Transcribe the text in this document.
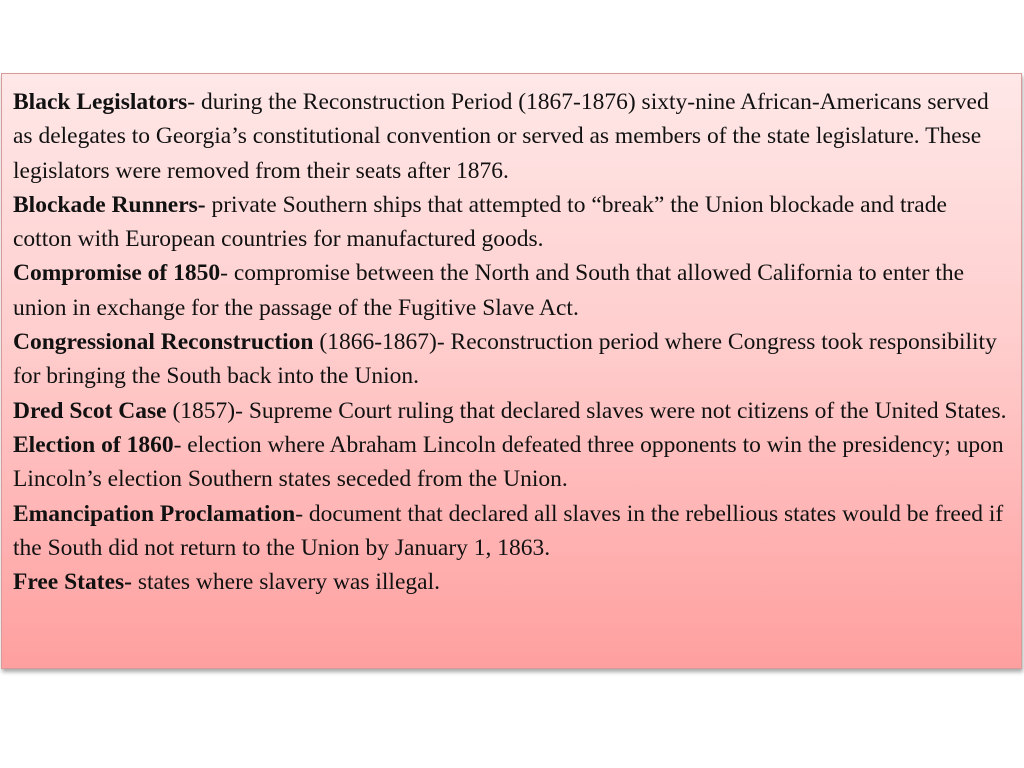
Black Legislators- during the Reconstruction Period (1867-1876) sixty-nine African-Americans served as delegates to Georgia’s constitutional convention or served as members of the state legislature. These legislators were removed from their seats after 1876.

Blockade Runners- private Southern ships that attempted to “break” the Union blockade and trade cotton with European countries for manufactured goods.

Compromise of 1850- compromise between the North and South that allowed California to enter the union in exchange for the passage of the Fugitive Slave Act.

Congressional Reconstruction (1866-1867)- Reconstruction period where Congress took responsibility for bringing the South back into the Union.

Dred Scot Case (1857)- Supreme Court ruling that declared slaves were not citizens of the United States.

Election of 1860- election where Abraham Lincoln defeated three opponents to win the presidency; upon Lincoln’s election Southern states seceded from the Union.

Emancipation Proclamation- document that declared all slaves in the rebellious states would be freed if the South did not return to the Union by January 1, 1863.

Free States- states where slavery was illegal.
